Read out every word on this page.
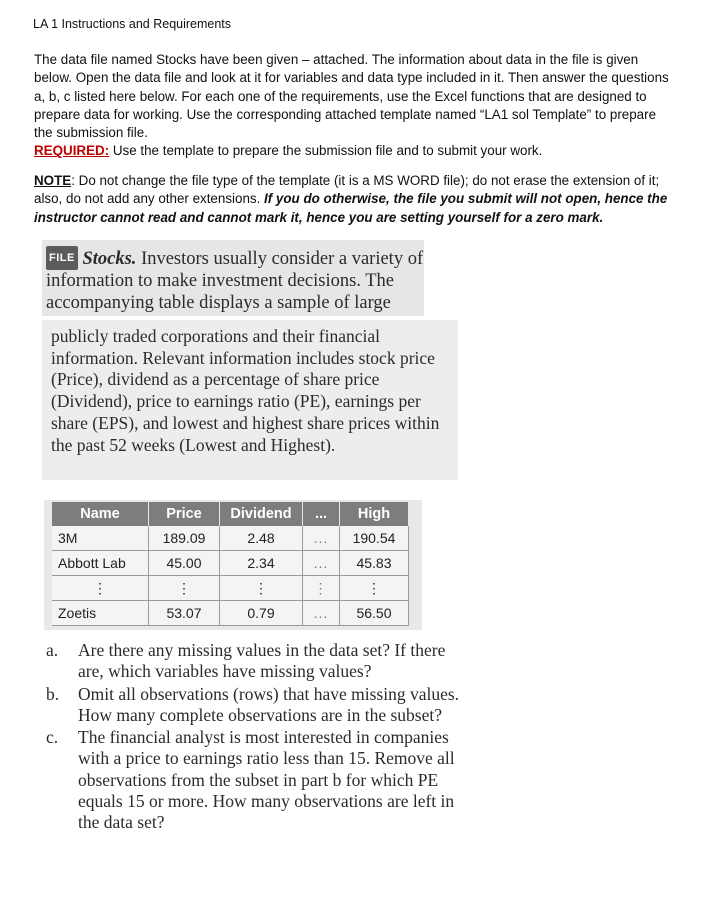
LA 1 Instructions and Requirements
The data file named Stocks have been given – attached. The information about data in the file is given below. Open the data file and look at it for variables and data type included in it. Then answer the questions a, b, c listed here below. For each one of the requirements, use the Excel functions that are designed to prepare data for working. Use the corresponding attached template named “LA1 sol Template” to prepare the submission file.
REQUIRED: Use the template to prepare the submission file and to submit your work.
NOTE: Do not change the file type of the template (it is a MS WORD file); do not erase the extension of it; also, do not add any other extensions. If you do otherwise, the file you submit will not open, hence the instructor cannot read and cannot mark it, hence you are setting yourself for a zero mark.
FILE Stocks. Investors usually consider a variety of information to make investment decisions. The accompanying table displays a sample of large
publicly traded corporations and their financial information. Relevant information includes stock price (Price), dividend as a percentage of share price (Dividend), price to earnings ratio (PE), earnings per share (EPS), and lowest and highest share prices within the past 52 weeks (Lowest and Highest).
Name	Price	Dividend	...	High
3M	189.09	2.48	...	190.54
Abbott Lab	45.00	2.34	...	45.83
⋮	⋮	⋮	⋮	⋮
Zoetis	53.07	0.79	...	56.50
a.	Are there any missing values in the data set? If there are, which variables have missing values?
b.	Omit all observations (rows) that have missing values. How many complete observations are in the subset?
c.	The financial analyst is most interested in companies with a price to earnings ratio less than 15. Remove all observations from the subset in part b for which PE equals 15 or more. How many observations are left in the data set?
